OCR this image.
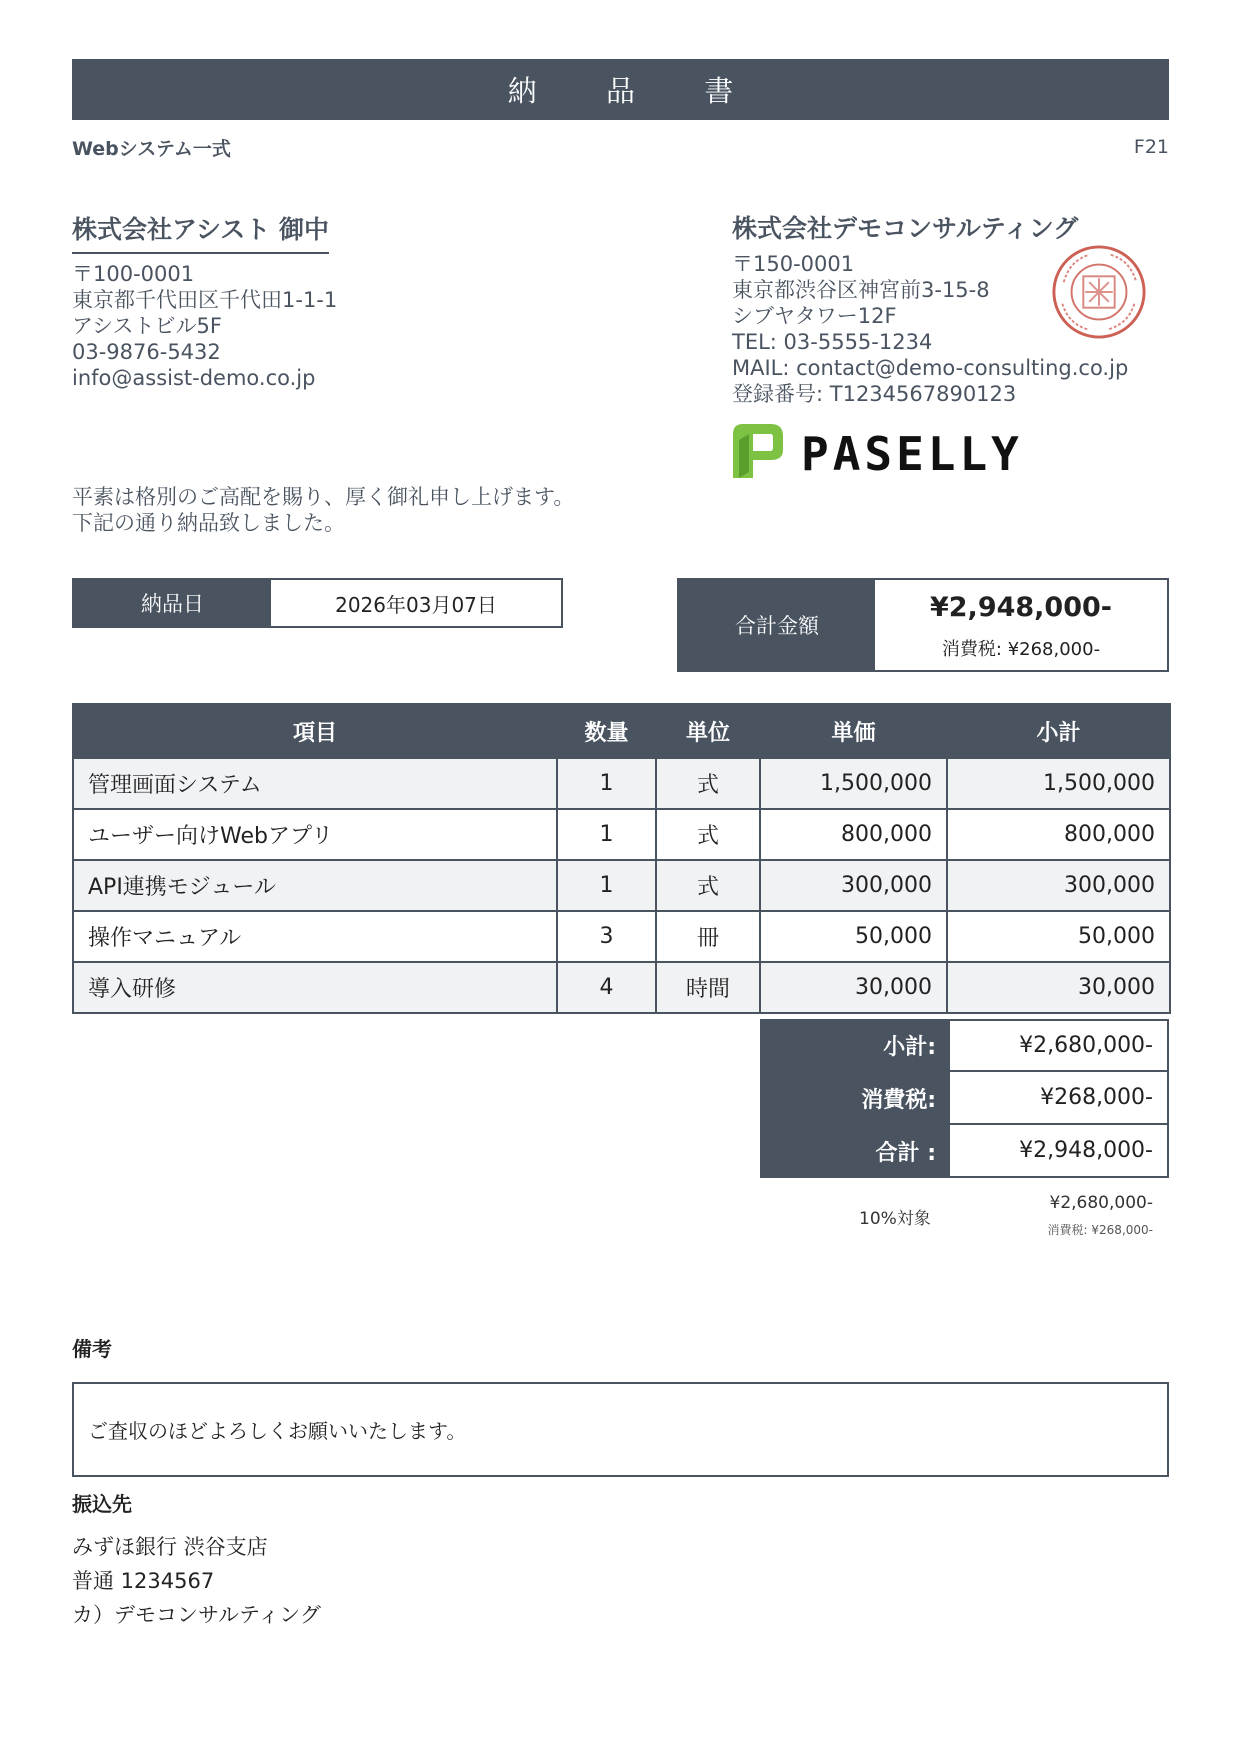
納 品 書
Webシステム一式	F21
株式会社アシスト 御中
〒100-0001
東京都千代田区千代田1-1-1
アシストビル5F
03-9876-5432
info@assist-demo.co.jp
株式会社デモコンサルティング
〒150-0001
東京都渋谷区神宮前3-15-8
シブヤタワー12F
TEL: 03-5555-1234
MAIL: contact@demo-consulting.co.jp
登録番号: T1234567890123
PASELLY
平素は格別のご高配を賜り、厚く御礼申し上げます。
下記の通り納品致しました。
納品日	2026年03月07日
合計金額
¥2,948,000-
消費税: ¥268,000-
項目	数量	単位	単価	小計
管理画面システム	1	式	1,500,000	1,500,000
ユーザー向けWebアプリ	1	式	800,000	800,000
API連携モジュール	1	式	300,000	300,000
操作マニュアル	3	冊	50,000	50,000
導入研修	4	時間	30,000	30,000
小計:	¥2,680,000-
消費税:	¥268,000-
合計 :	¥2,948,000-
10%対象
¥2,680,000-
消費税: ¥268,000-
備考
ご査収のほどよろしくお願いいたします。
振込先
みずほ銀行 渋谷支店
普通 1234567
カ）デモコンサルティング
